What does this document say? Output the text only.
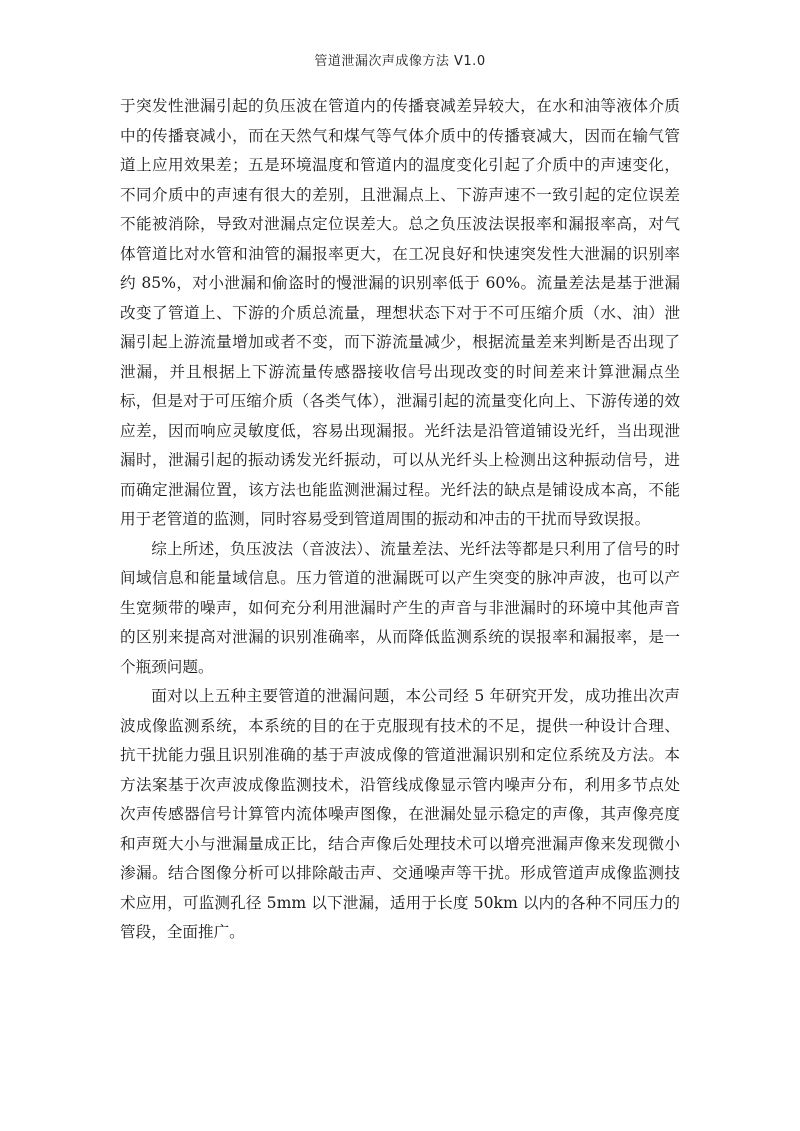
管道泄漏次声成像方法 V1.0

于突发性泄漏引起的负压波在管道内的传播衰减差异较大，在水和油等液体介质中的传播衰减小，而在天然气和煤气等气体介质中的传播衰减大，因而在输气管道上应用效果差；五是环境温度和管道内的温度变化引起了介质中的声速变化，不同介质中的声速有很大的差别，且泄漏点上、下游声速不一致引起的定位误差不能被消除，导致对泄漏点定位误差大。总之负压波法误报率和漏报率高，对气体管道比对水管和油管的漏报率更大，在工况良好和快速突发性大泄漏的识别率约 85%，对小泄漏和偷盗时的慢泄漏的识别率低于 60%。流量差法是基于泄漏改变了管道上、下游的介质总流量，理想状态下对于不可压缩介质（水、油）泄漏引起上游流量增加或者不变，而下游流量减少，根据流量差来判断是否出现了泄漏，并且根据上下游流量传感器接收信号出现改变的时间差来计算泄漏点坐标，但是对于可压缩介质（各类气体），泄漏引起的流量变化向上、下游传递的效应差，因而响应灵敏度低，容易出现漏报。光纤法是沿管道铺设光纤，当出现泄漏时，泄漏引起的振动诱发光纤振动，可以从光纤头上检测出这种振动信号，进而确定泄漏位置，该方法也能监测泄漏过程。光纤法的缺点是铺设成本高，不能用于老管道的监测，同时容易受到管道周围的振动和冲击的干扰而导致误报。

综上所述，负压波法（音波法）、流量差法、光纤法等都是只利用了信号的时间域信息和能量域信息。压力管道的泄漏既可以产生突变的脉冲声波，也可以产生宽频带的噪声，如何充分利用泄漏时产生的声音与非泄漏时的环境中其他声音的区别来提高对泄漏的识别准确率，从而降低监测系统的误报率和漏报率，是一个瓶颈问题。

面对以上五种主要管道的泄漏问题，本公司经 5 年研究开发，成功推出次声波成像监测系统，本系统的目的在于克服现有技术的不足，提供一种设计合理、抗干扰能力强且识别准确的基于声波成像的管道泄漏识别和定位系统及方法。本方法案基于次声波成像监测技术，沿管线成像显示管内噪声分布，利用多节点处次声传感器信号计算管内流体噪声图像，在泄漏处显示稳定的声像，其声像亮度和声斑大小与泄漏量成正比，结合声像后处理技术可以增亮泄漏声像来发现微小渗漏。结合图像分析可以排除敲击声、交通噪声等干扰。形成管道声成像监测技术应用，可监测孔径 5mm 以下泄漏，适用于长度 50km 以内的各种不同压力的管段，全面推广。
